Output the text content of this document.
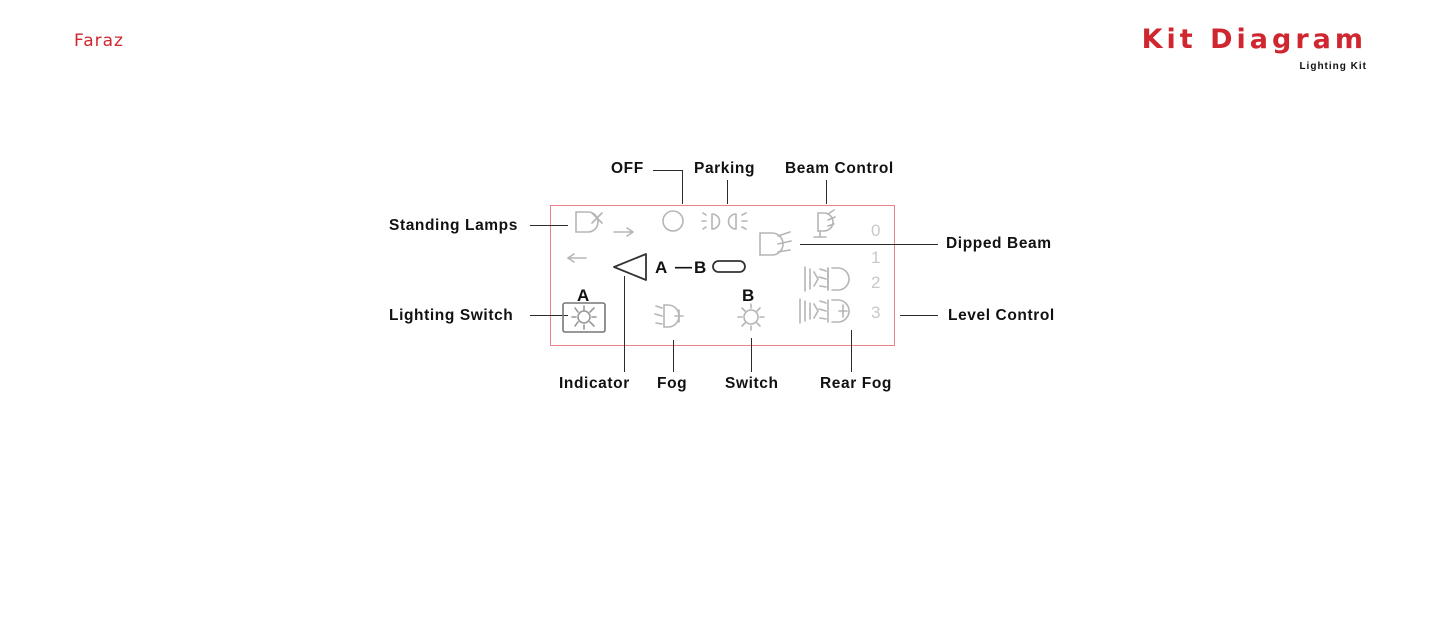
Faraz	Kit Diagram
Lighting Kit
OFF	Parking Beam Control
Standing Lamps
Dipped Beam
Lighting Switch	Level Control
Indicator Fog Switch	Rear Fog
A — B
A	B
0
1
2
3
